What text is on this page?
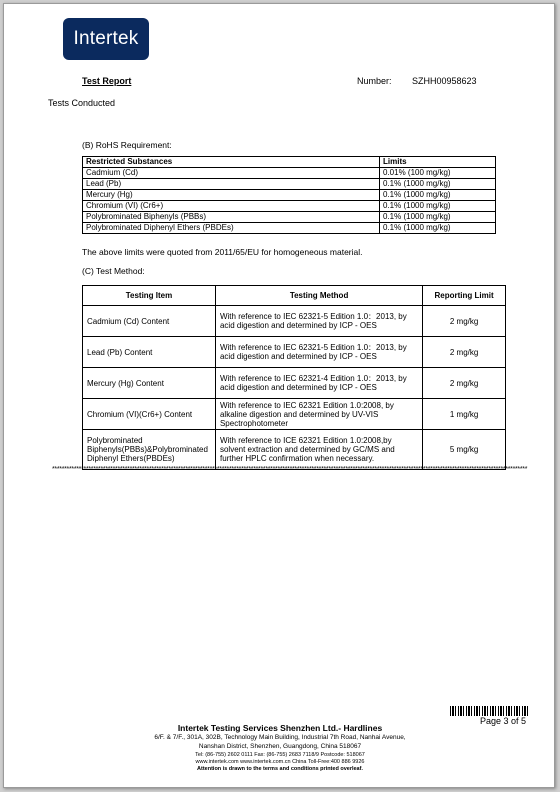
Intertek
Test Report	Number: SZHH00958623
Tests Conducted
(B) RoHS Requirement:
Restricted Substances	Limits
Cadmium (Cd)	0.01% (100 mg/kg)
Lead (Pb)	0.1% (1000 mg/kg)
Mercury (Hg)	0.1% (1000 mg/kg)
Chromium (VI) (Cr6+)	0.1% (1000 mg/kg)
Polybrominated Biphenyls (PBBs)	0.1% (1000 mg/kg)
Polybrominated Diphenyl Ethers (PBDEs)	0.1% (1000 mg/kg)
The above limits were quoted from 2011/65/EU for homogeneous material.
(C) Test Method:
Testing Item	Testing Method	Reporting Limit
Cadmium (Cd) Content	With reference to IEC 62321-5 Edition 1.0：2013, by acid digestion and determined by ICP - OES	2 mg/kg
Lead (Pb) Content	With reference to IEC 62321-5 Edition 1.0：2013, by acid digestion and determined by ICP - OES	2 mg/kg
Mercury (Hg) Content	With reference to IEC 62321-4 Edition 1.0：2013, by acid digestion and determined by ICP - OES	2 mg/kg
Chromium (VI)(Cr6+) Content	With reference to IEC 62321 Edition 1.0:2008, by alkaline digestion and determined by UV-VIS Spectrophotometer	1 mg/kg
Polybrominated Biphenyls(PBBs)&Polybrominated Diphenyl Ethers(PBDEs)	With reference to ICE 62321 Edition 1.0:2008,by solvent extraction and determined by GC/MS and further HPLC confirmation when necessary.	5 mg/kg
****************************************************************************************************************************************************************************************************
Page 3 of 5
Intertek Testing Services Shenzhen Ltd.- Hardlines
6/F. & 7/F., 301A, 302B, Technology Main Building, Industrial 7th Road, Nanhai Avenue,
Nanshan District, Shenzhen, Guangdong, China 518067
Tel: (86-755) 2602 0111 Fax: (86-755) 2683 7118/9 Postcode: 518067
www.intertek.com www.intertek.com.cn China Toll-Free:400 886 9926
Attention is drawn to the terms and conditions printed overleaf.
